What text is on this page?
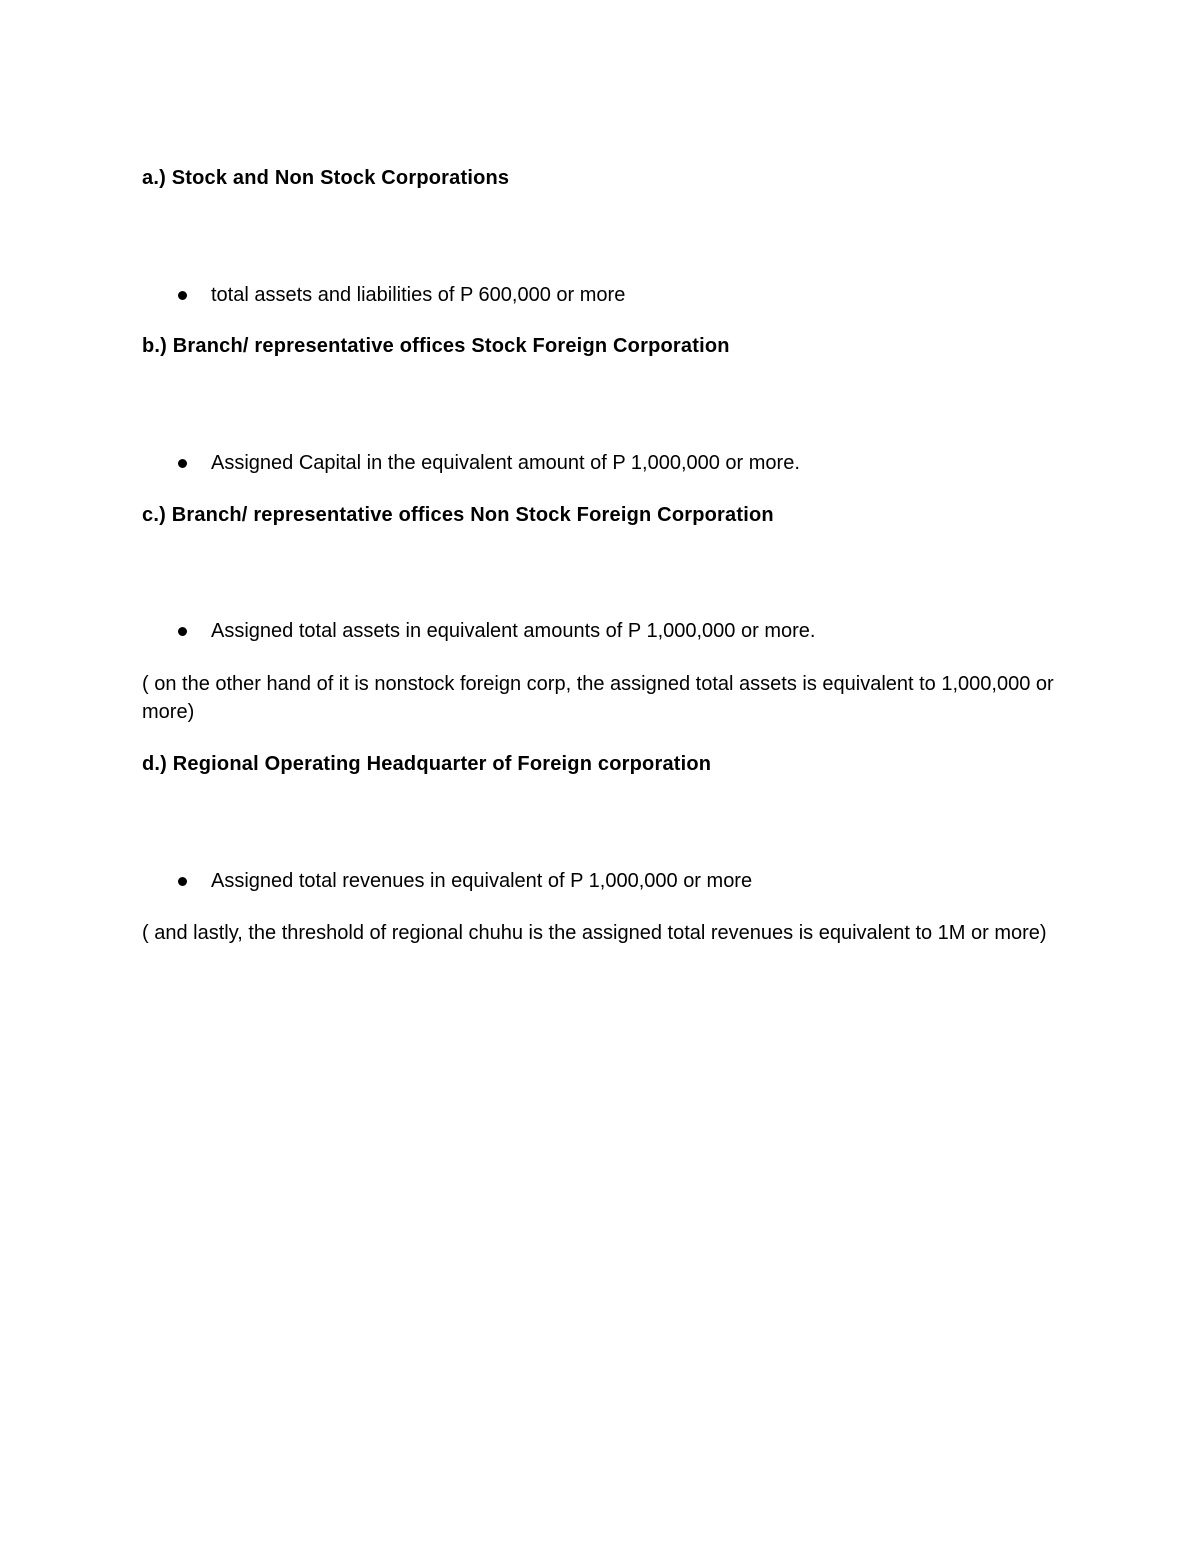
a.) Stock and Non Stock Corporations
total assets and liabilities of P 600,000 or more
b.) Branch/ representative offices Stock Foreign Corporation
Assigned Capital in the equivalent amount of P 1,000,000 or more.
c.) Branch/ representative offices Non Stock Foreign Corporation
Assigned total assets in equivalent amounts of P 1,000,000 or more.
( on the other hand of it is nonstock foreign corp, the assigned total assets is equivalent to 1,000,000 or more)
d.) Regional Operating Headquarter of Foreign corporation
Assigned total revenues in equivalent of P 1,000,000 or more
( and lastly, the threshold of regional chuhu is the assigned total revenues is equivalent to 1M or more)
